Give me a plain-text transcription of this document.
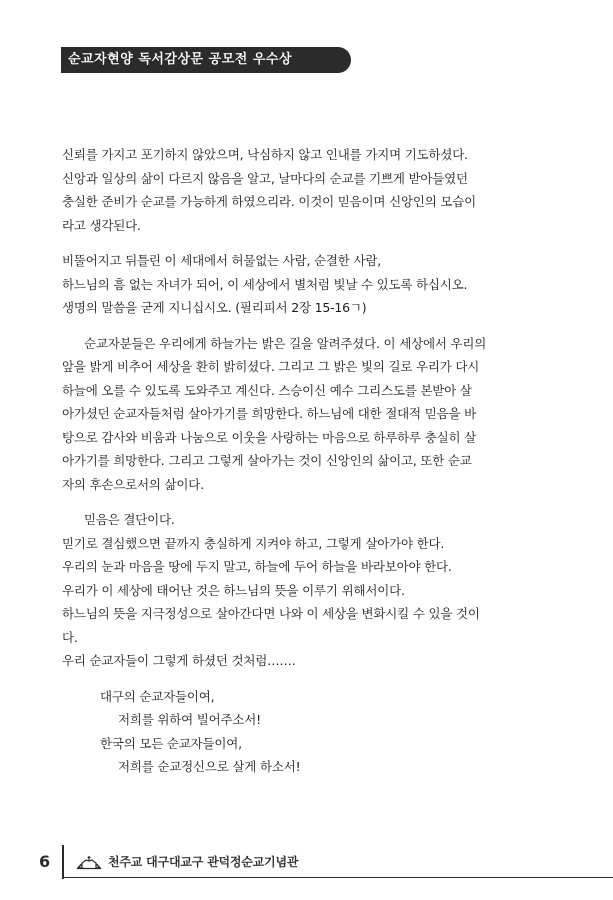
순교자현양 독서감상문 공모전 우수상

신뢰를 가지고 포기하지 않았으며, 낙심하지 않고 인내를 가지며 기도하셨다.

신앙과 일상의 삶이 다르지 않음을 알고, 날마다의 순교를 기쁘게 받아들였던

충실한 준비가 순교를 가능하게 하였으리라. 이것이 믿음이며 신앙인의 모습이

라고 생각된다.

비뚤어지고 뒤틀린 이 세대에서 허물없는 사람, 순결한 사람,

하느님의 흠 없는 자녀가 되어, 이 세상에서 별처럼 빛날 수 있도록 하십시오.

생명의 말씀을 굳게 지니십시오. (필리피서 2장 15-16ㄱ)

순교자분들은 우리에게 하늘가는 밝은 길을 알려주셨다. 이 세상에서 우리의

앞을 밝게 비추어 세상을 환히 밝히셨다. 그리고 그 밝은 빛의 길로 우리가 다시

하늘에 오를 수 있도록 도와주고 계신다. 스승이신 예수 그리스도를 본받아 살

아가셨던 순교자들처럼 살아가기를 희망한다. 하느님에 대한 절대적 믿음을 바

탕으로 감사와 비움과 나눔으로 이웃을 사랑하는 마음으로 하루하루 충실히 살

아가기를 희망한다. 그리고 그렇게 살아가는 것이 신앙인의 삶이고, 또한 순교

자의 후손으로서의 삶이다.

믿음은 결단이다.

믿기로 결심했으면 끝까지 충실하게 지켜야 하고, 그렇게 살아가야 한다.

우리의 눈과 마음을 땅에 두지 말고, 하늘에 두어 하늘을 바라보아야 한다.

우리가 이 세상에 태어난 것은 하느님의 뜻을 이루기 위해서이다.

하느님의 뜻을 지극정성으로 살아간다면 나와 이 세상을 변화시킬 수 있을 것이

다.

우리 순교자들이 그렇게 하셨던 것처럼…….

대구의 순교자들이여,

저희를 위하여 빌어주소서!

한국의 모든 순교자들이여,

저희를 순교정신으로 살게 하소서!

6	천주교 대구대교구 관덕정순교기념관
